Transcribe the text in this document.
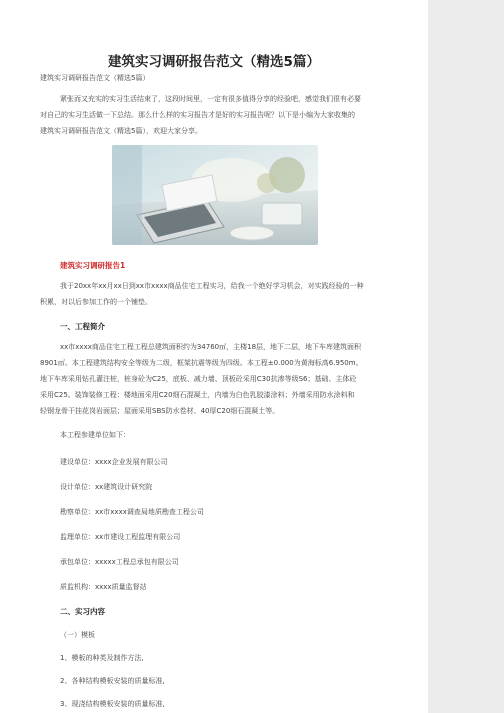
建筑实习调研报告范文（精选5篇）
建筑实习调研报告范文（精选5篇）
紧张而又充实的实习生活结束了，这段时间里，一定有很多值得分享的经验吧，感觉我们很有必要
对自己的实习生活做一下总结。那么什么样的实习报告才是好的实习报告呢？以下是小编为大家收集的
建筑实习调研报告范文（精选5篇），欢迎大家分享。
建筑实习调研报告1
我于20xx年xx月xx日到xx市xxxx商品住宅工程实习，给我一个绝好学习机会，对实践经验的一种
积累，对以后参加工作的一个铺垫。
一、工程简介
xx市xxxx商品住宅工程工程总建筑面积约为34760㎡，主楼18层，地下二层，地下车库建筑面积
8901㎡。本工程建筑结构安全等级为二级，框架抗震等级为四级。本工程±0.000为黄海标高6.950m。
地下车库采用钻孔灌注桩，桩身砼为C25，底板、减力墙、顶板砼采用C30抗渗等级S6；基础、主体砼
采用C25。装饰装修工程：楼地面采用C20细石混凝土，内墙为白色乳胶漆涂料；外墙采用防水涂料和
轻钢龙骨干挂花岗岩面层；屋面采用SBS防水卷材、40厚C20细石混凝土等。
本工程参建单位如下：
建设单位：xxxx企业发展有限公司
设计单位：xx建筑设计研究院
勘察单位：xx市xxxx调查局地质勘查工程公司
监理单位：xx市建设工程监理有限公司
承包单位：xxxxx工程总承包有限公司
质监机构：xxxx质量监督站
二、实习内容
（一）模板
1、模板的种类及制作方法,
2、各种结构模板安装的质量标准,
3、现浇结构模板安装的质量标准,
